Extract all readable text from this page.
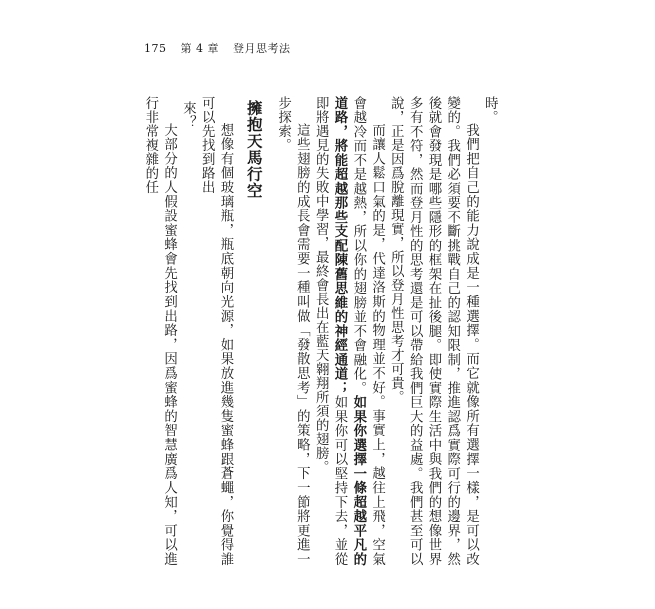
175 第 4 章 登月思考法

時。

我們把自己的能力說成是一種選擇。而它就像所有選擇一樣，是可以改變的。我們必須要不斷挑戰自己的認知限制，推進認爲實際可行的邊界，然後就會發現是哪些隱形的框架在扯後腿。即使實際生活中與我們的想像世界多有不符，然而登月性的思考還是可以帶給我們巨大的益處。我們甚至可以說，正是因爲脫離現實，所以登月性思考才可貴。

而讓人鬆口氣的是，代達洛斯的物理並不好。事實上，越往上飛，空氣會越冷而不是越熱，所以你的翅膀並不會融化。如果你選擇一條超越平凡的道路，將能超越那些支配陳舊思維的神經通道；如果你可以堅持下去，並從即將遇見的失敗中學習，最終會長出在藍天翱翔所須的翅膀。

這些翅膀的成長會需要一種叫做「發散思考」的策略，下一節將更進一步探索。

擁抱天馬行空

想像有個玻璃瓶，瓶底朝向光源，如果放進幾隻蜜蜂跟蒼蠅，你覺得誰可以先找到路出

來？

大部分的人假設蜜蜂會先找到出路，因爲蜜蜂的智慧廣爲人知，可以進行非常複雜的任
